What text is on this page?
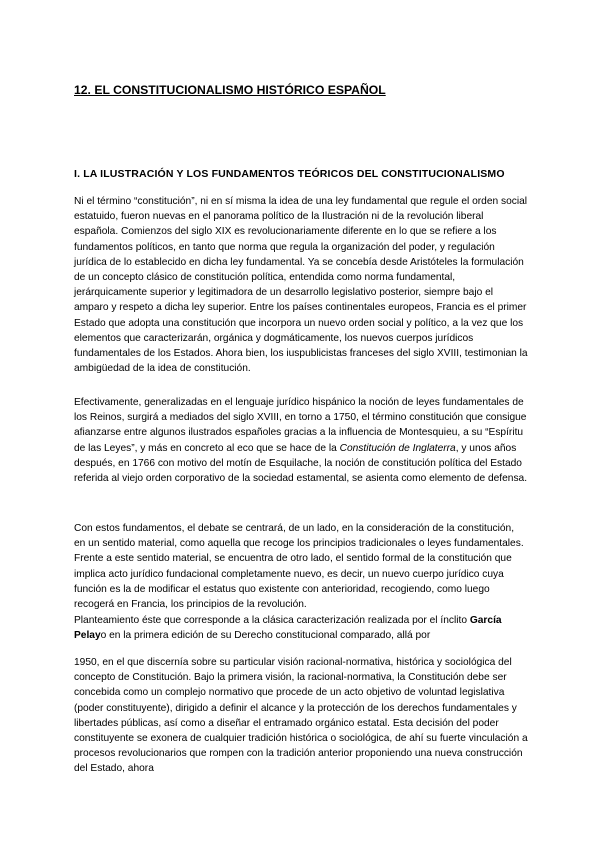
12. EL CONSTITUCIONALISMO HISTÓRICO ESPAÑOL
I. LA ILUSTRACIÓN Y LOS FUNDAMENTOS TEÓRICOS DEL CONSTITUCIONALISMO

Ni el término “constitución”, ni en sí misma la idea de una ley fundamental que regule el orden social estatuido, fueron nuevas en el panorama político de la Ilustración ni de la revolución liberal española. Comienzos del siglo XIX es revolucionariamente diferente en lo que se refiere a los fundamentos políticos, en tanto que norma que regula la organización del poder, y regulación jurídica de lo establecido en dicha ley fundamental. Ya se concebía desde Aristóteles la formulación de un concepto clásico de constitución política, entendida como norma fundamental, jerárquicamente superior y legitimadora de un desarrollo legislativo posterior, siempre bajo el amparo y respeto a dicha ley superior. Entre los países continentales europeos, Francia es el primer Estado que adopta una constitución que incorpora un nuevo orden social y político, a la vez que los elementos que caracterizarán, orgánica y dogmáticamente, los nuevos cuerpos jurídicos fundamentales de los Estados. Ahora bien, los iuspublicistas franceses del siglo XVIII, testimonian la ambigüedad de la idea de constitución.

Efectivamente, generalizadas en el lenguaje jurídico hispánico la noción de leyes fundamentales de los Reinos, surgirá a mediados del siglo XVIII, en torno a 1750, el término constitución que consigue afianzarse entre algunos ilustrados españoles gracias a la influencia de Montesquieu, a su “Espíritu de las Leyes”, y más en concreto al eco que se hace de la Constitución de Inglaterra, y unos años después, en 1766 con motivo del motín de Esquilache, la noción de constitución política del Estado referida al viejo orden corporativo de la sociedad estamental, se asienta como elemento de defensa.

Con estos fundamentos, el debate se centrará, de un lado, en la consideración de la constitución, en un sentido material, como aquella que recoge los principios tradicionales o leyes fundamentales. Frente a este sentido material, se encuentra de otro lado, el sentido formal de la constitución que implica acto jurídico fundacional completamente nuevo, es decir, un nuevo cuerpo jurídico cuya función es la de modificar el estatus quo existente con anterioridad, recogiendo, como luego recogerá en Francia, los principios de la revolución.

Planteamiento éste que corresponde a la clásica caracterización realizada por el ínclito García Pelayo en la primera edición de su Derecho constitucional comparado, allá por

1950, en el que discernía sobre su particular visión racional-normativa, histórica y sociológica del concepto de Constitución. Bajo la primera visión, la racional-normativa, la Constitución debe ser concebida como un complejo normativo que procede de un acto objetivo de voluntad legislativa (poder constituyente), dirigido a definir el alcance y la protección de los derechos fundamentales y libertades públicas, así como a diseñar el entramado orgánico estatal. Esta decisión del poder constituyente se exonera de cualquier tradición histórica o sociológica, de ahí su fuerte vinculación a procesos revolucionarios que rompen con la tradición anterior proponiendo una nueva construcción del Estado, ahora
